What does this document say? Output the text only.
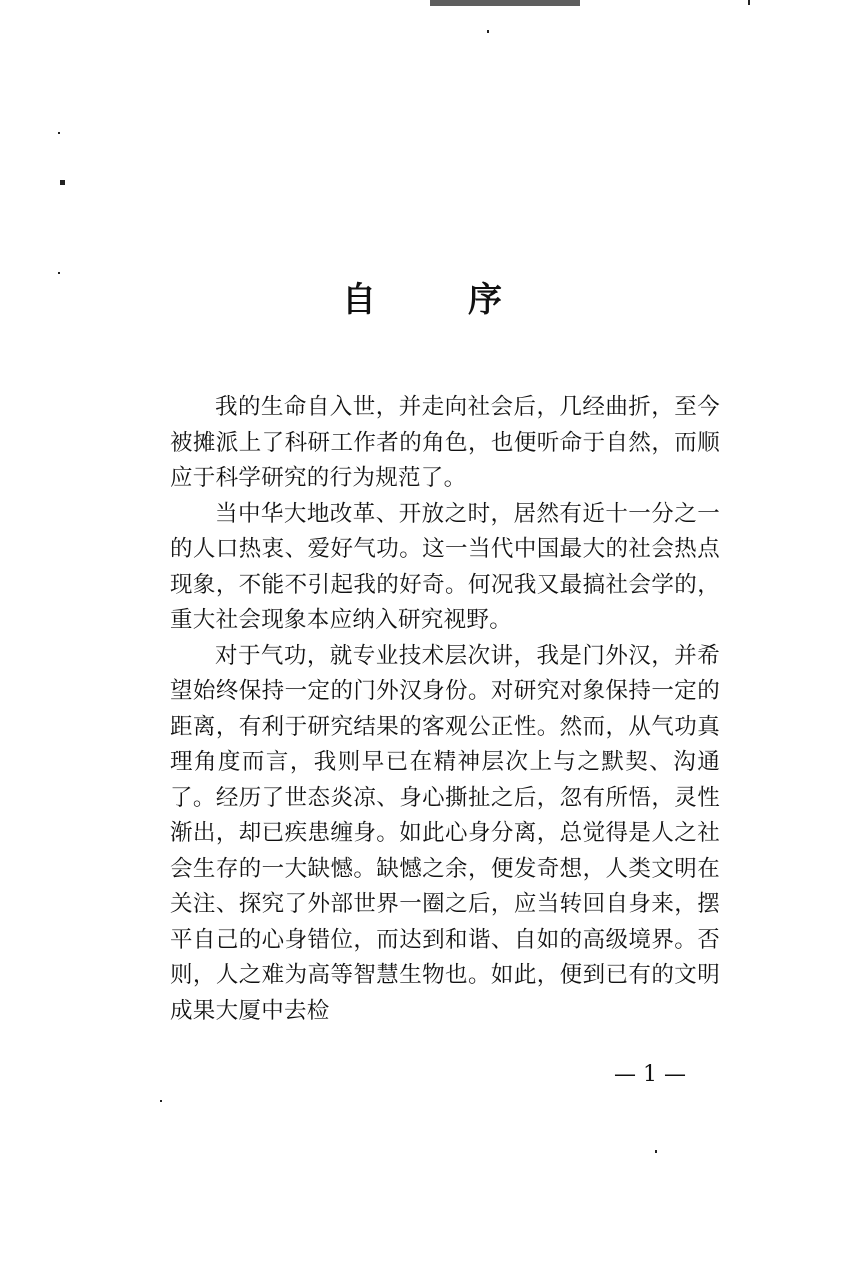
自	序

我的生命自入世，并走向社会后，几经曲折，至今被摊派上了科研工作者的角色，也便听命于自然，而顺应于科学研究的行为规范了。

当中华大地改革、开放之时，居然有近十一分之一的人口热衷、爱好气功。这一当代中国最大的社会热点现象，不能不引起我的好奇。何况我又最搞社会学的，重大社会现象本应纳入研究视野。

对于气功，就专业技术层次讲，我是门外汉，并希望始终保持一定的门外汉身份。对研究对象保持一定的距离，有利于研究结果的客观公正性。然而，从气功真理角度而言，我则早已在精神层次上与之默契、沟通了。经历了世态炎凉、身心撕扯之后，忽有所悟，灵性渐出，却已疾患缠身。如此心身分离，总觉得是人之社会生存的一大缺憾。缺憾之余，便发奇想，人类文明在关注、探究了外部世界一圈之后，应当转回自身来，摆平自己的心身错位，而达到和谐、自如的高级境界。否则，人之难为高等智慧生物也。如此，便到已有的文明成果大厦中去检

— 1 —
